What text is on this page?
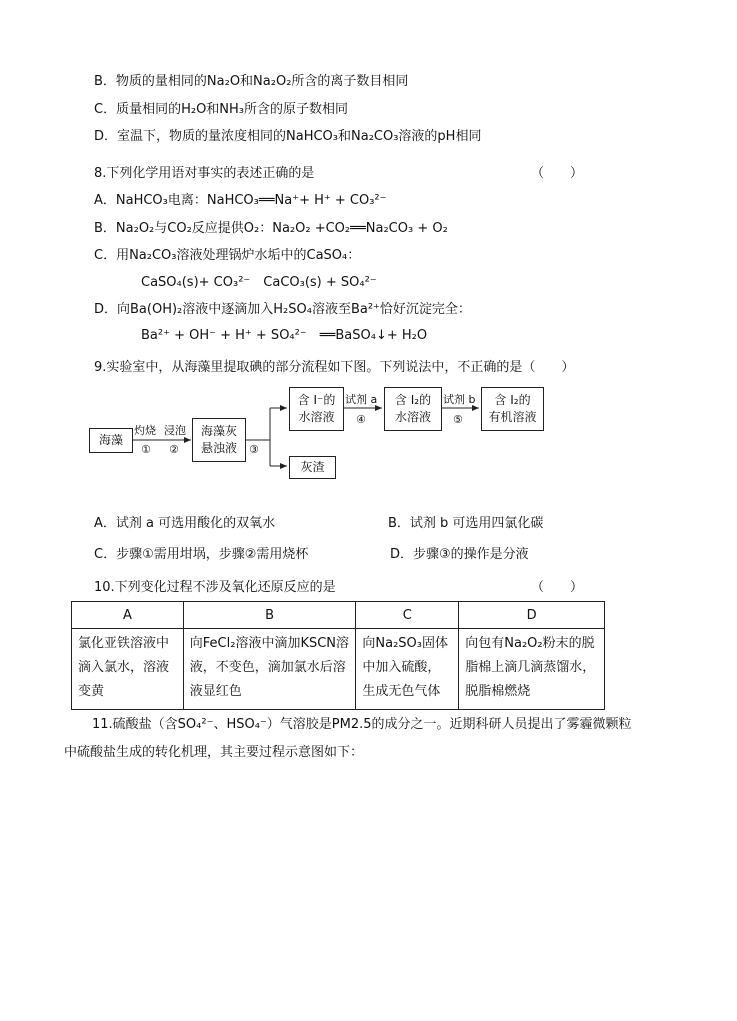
B．物质的量相同的Na₂O和Na₂O₂所含的离子数目相同
C．质量相同的H₂O和NH₃所含的原子数相同
D．室温下，物质的量浓度相同的NaHCO₃和Na₂CO₃溶液的pH相同
8.下列化学用语对事实的表述正确的是	（　　）
A．NaHCO₃电离：NaHCO₃══Na⁺+ H⁺ + CO₃²⁻
B．Na₂O₂与CO₂反应提供O₂：Na₂O₂ +CO₂══Na₂CO₃ + O₂
C．用Na₂CO₃溶液处理锅炉水垢中的CaSO₄：
CaSO₄(s)+ CO₃²⁻　CaCO₃(s) + SO₄²⁻
D．向Ba(OH)₂溶液中逐滴加入H₂SO₄溶液至Ba²⁺恰好沉淀完全：
Ba²⁺ + OH⁻ + H⁺ + SO₄²⁻　══BaSO₄↓+ H₂O
9.实验室中，从海藻里提取碘的部分流程如下图。下列说法中，不正确的是（　　）
海藻
海藻灰
悬浊液
含 I⁻的
水溶液
含 I₂的
水溶液
含 I₂的
有机溶液
灰渣
灼烧
①
浸泡
②	③
试剂 a
④
试剂 b
⑤
A．试剂 a 可选用酸化的双氧水	B．试剂 b 可选用四氯化碳
C．步骤①需用坩埚，步骤②需用烧杯	D．步骤③的操作是分液
10.下列变化过程不涉及氧化还原反应的是	（　　）
A	B	C	D
氯化亚铁溶液中滴入氯水，溶液变黄	向FeCl₂溶液中滴加KSCN溶液，不变色，滴加氯水后溶液显红色	向Na₂SO₃固体中加入硫酸，生成无色气体	向包有Na₂O₂粉末的脱脂棉上滴几滴蒸馏水，脱脂棉燃烧
11.硫酸盐（含SO₄²⁻、HSO₄⁻）气溶胶是PM2.5的成分之一。近期科研人员提出了雾霾微颗粒
中硫酸盐生成的转化机理，其主要过程示意图如下：
